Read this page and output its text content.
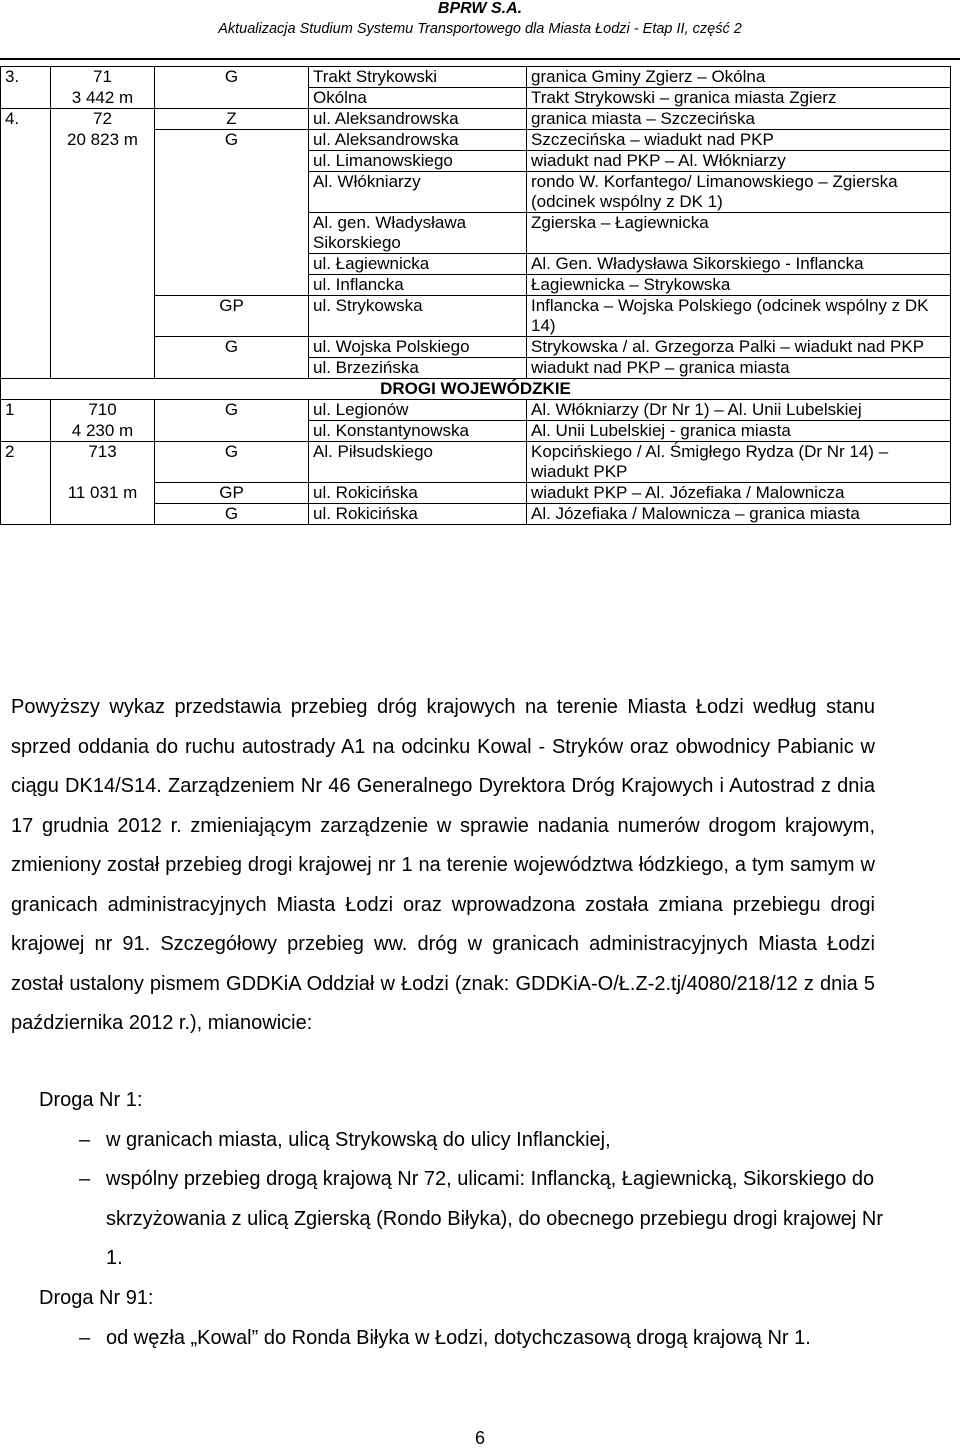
BPRW S.A.
Aktualizacja Studium Systemu Transportowego dla Miasta Łodzi - Etap II, część 2
3.	71	G	Trakt Strykowski	granica Gminy Zgierz – Okólna
	3 442 m		Okólna	Trakt Strykowski – granica miasta Zgierz
4.	72	Z	ul. Aleksandrowska	granica miasta – Szczecińska
	20 823 m	G	ul. Aleksandrowska	Szczecińska – wiadukt nad PKP
			ul. Limanowskiego	wiadukt nad PKP – Al. Włókniarzy
			Al. Włókniarzy	rondo W. Korfantego/ Limanowskiego – Zgierska (odcinek wspólny z DK 1)
			Al. gen. Władysława Sikorskiego	Zgierska – Łagiewnicka
			ul. Łagiewnicka	Al. Gen. Władysława Sikorskiego - Inflancka
			ul. Inflancka	Łagiewnicka – Strykowska
		GP	ul. Strykowska	Inflancka – Wojska Polskiego (odcinek wspólny z DK 14)
		G	ul. Wojska Polskiego	Strykowska / al. Grzegorza Palki – wiadukt nad PKP
			ul. Brzezińska	wiadukt nad PKP – granica miasta
DROGI WOJEWÓDZKIE				
1	710	G	ul. Legionów	Al. Włókniarzy (Dr Nr 1) – Al. Unii Lubelskiej
	4 230 m		ul. Konstantynowska	Al. Unii Lubelskiej - granica miasta
2	713	G	Al. Piłsudskiego	Kopcińskiego / Al. Śmigłego Rydza (Dr Nr 14) – wiadukt PKP
	11 031 m	GP	ul. Rokicińska	wiadukt PKP – Al. Józefiaka / Malownicza
		G	ul. Rokicińska	Al. Józefiaka / Malownicza – granica miasta
Powyższy wykaz przedstawia przebieg dróg krajowych na terenie Miasta Łodzi według stanu sprzed oddania do ruchu autostrady A1 na odcinku Kowal - Stryków oraz obwodnicy Pabianic w ciągu DK14/S14. Zarządzeniem Nr 46 Generalnego Dyrektora Dróg Krajowych i Autostrad z dnia 17 grudnia 2012 r. zmieniającym zarządzenie w sprawie nadania numerów drogom krajowym, zmieniony został przebieg drogi krajowej nr 1 na terenie województwa łódzkiego, a tym samym w granicach administracyjnych Miasta Łodzi oraz wprowadzona została zmiana przebiegu drogi krajowej nr 91. Szczegółowy przebieg ww. dróg w granicach administracyjnych Miasta Łodzi został ustalony pismem GDDKiA Oddział w Łodzi (znak: GDDKiA-O/Ł.Z-2.tj/4080/218/12 z dnia 5 października 2012 r.), mianowicie:
Droga Nr 1:
– w granicach miasta, ulicą Strykowską do ulicy Inflanckiej,
– wspólny przebieg drogą krajową Nr 72, ulicami: Inflancką, Łagiewnicką, Sikorskiego do skrzyżowania z ulicą Zgierską (Rondo Biłyka), do obecnego przebiegu drogi krajowej Nr 1.
Droga Nr 91:
– od węzła „Kowal” do Ronda Biłyka w Łodzi, dotychczasową drogą krajową Nr 1.
6
